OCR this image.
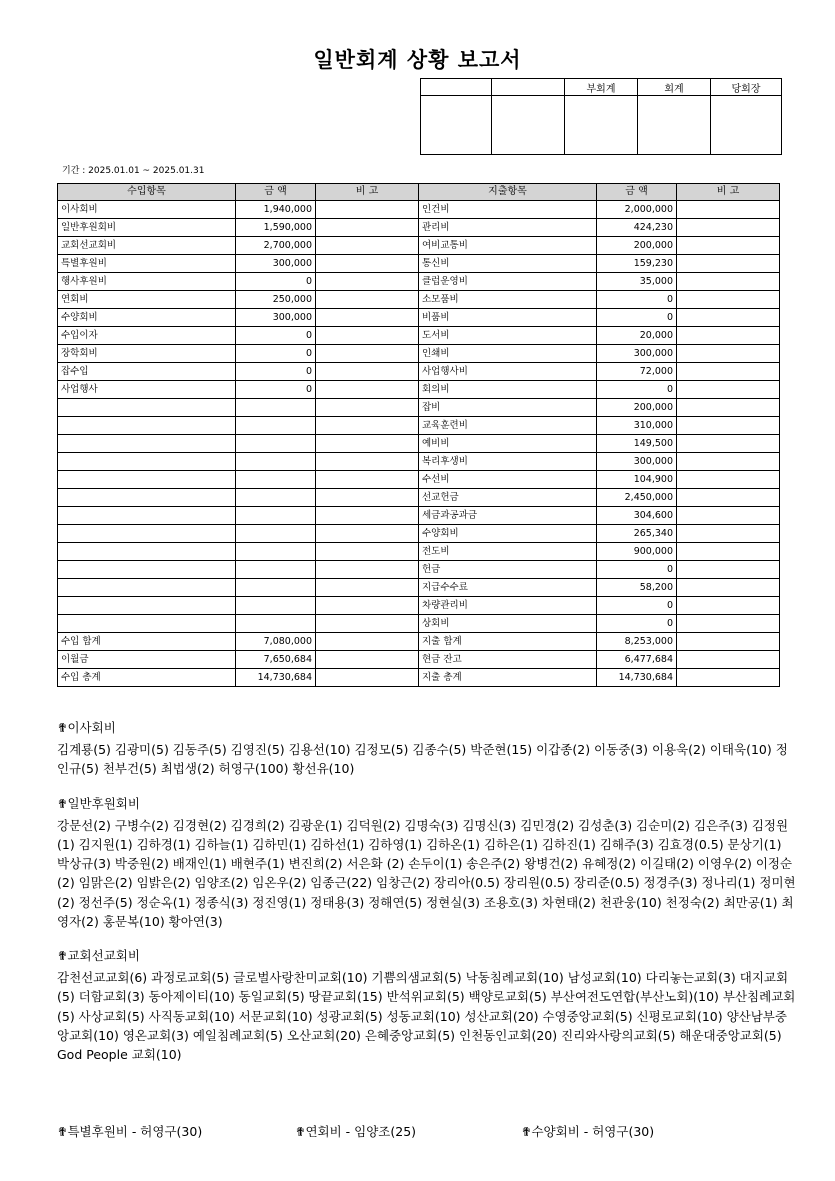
일반회계 상황 보고서
		부회계	회계	당회장

기간 : 2025.01.01 ~ 2025.01.31
수입항목	금 액	비 고	지출항목	금 액	비 고
이사회비	1,940,000		인건비	2,000,000	
일반후원회비	1,590,000		관리비	424,230	
교회선교회비	2,700,000		여비교통비	200,000	
특별후원비	300,000		통신비	159,230	
행사후원비	0		클럽운영비	35,000	
연회비	250,000		소모품비	0	
수양회비	300,000		비품비	0	
수입이자	0		도서비	20,000	
장학회비	0		인쇄비	300,000	
잡수입	0		사업행사비	72,000	
사업행사	0		회의비	0	
			잡비	200,000	
			교육훈련비	310,000	
			예비비	149,500	
			복리후생비	300,000	
			수선비	104,900	
			선교헌금	2,450,000	
			세금과공과금	304,600	
			수양회비	265,340	
			전도비	900,000	
			헌금	0	
			지급수수료	58,200	
			차량관리비	0	
			상회비	0	
수입 합계	7,080,000		지출 합계	8,253,000	
이월금	7,650,684		현금 잔고	6,477,684	
수입 총계	14,730,684		지출 총계	14,730,684	
✟이사회비
김계룡(5) 김광미(5) 김동주(5) 김영진(5) 김용선(10) 김정모(5) 김종수(5) 박준현(15) 이갑종(2) 이동중(3) 이용욱(2) 이태욱(10) 정인규(5) 천부건(5) 최법생(2) 허영구(100) 황선유(10)
✟일반후원회비
강문선(2) 구병수(2) 김경현(2) 김경희(2) 김광운(1) 김덕원(2) 김명숙(3) 김명신(3) 김민경(2) 김성춘(3) 김순미(2) 김은주(3) 김정원(1) 김지원(1) 김하경(1) 김하늘(1) 김하민(1) 김하선(1) 김하영(1) 김하온(1) 김하은(1) 김하진(1) 김해주(3) 김효경(0.5) 문상기(1) 박상규(3) 박중원(2) 배재인(1) 배현주(1) 변진희(2) 서은화 (2) 손두이(1) 송은주(2) 왕병건(2) 유혜정(2) 이길태(2) 이영우(2) 이정순(2) 임맑은(2) 임밝은(2) 임양조(2) 임온우(2) 임종근(22) 임창근(2) 장리아(0.5) 장리원(0.5) 장리준(0.5) 정경주(3) 정나리(1) 정미현(2) 정선주(5) 정순옥(1) 정종식(3) 정진영(1) 정태용(3) 정해연(5) 정현실(3) 조용호(3) 차현태(2) 천관웅(10) 천정숙(2) 최만공(1) 최영자(2) 홍문복(10) 황아연(3)
✟교회선교회비
감천선교교회(6) 과정로교회(5) 글로벌사랑찬미교회(10) 기쁨의샘교회(5) 낙동침례교회(10) 남성교회(10) 다리놓는교회(3) 대지교회(5) 더함교회(3) 동아제이티(10) 동일교회(5) 땅끝교회(15) 반석위교회(5) 백양로교회(5) 부산여전도연합(부산노회)(10) 부산침례교회(5) 사상교회(5) 사직동교회(10) 서문교회(10) 성광교회(5) 성동교회(10) 성산교회(20) 수영중앙교회(5) 신평로교회(10) 양산남부중앙교회(10) 영온교회(3) 예일침례교회(5) 오산교회(20) 은혜중앙교회(5) 인천동인교회(20) 진리와사랑의교회(5) 해운대중앙교회(5) God People 교회(10)
✟특별후원비 - 허영구(30)	✟연회비 - 임양조(25)	✟수양회비 - 허영구(30)
